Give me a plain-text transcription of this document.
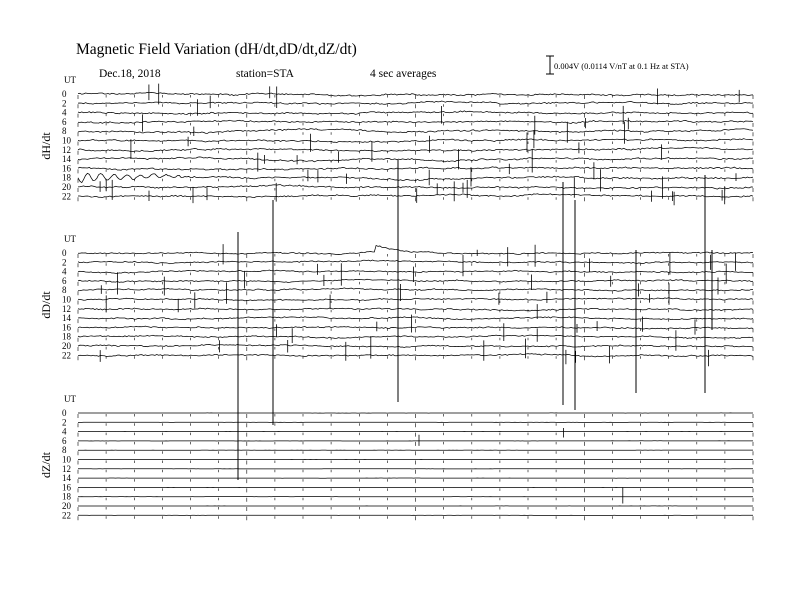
Magnetic Field Variation (dH/dt,dD/dt,dZ/dt)
Dec.18, 2018	station=STA	4 sec averages
0.004V (0.0114 V/nT at 0.1 Hz at STA)
UT
dH/dt
0
2
4
6
8
10
12
14
16
18
20
22
UT
dD/dt
0
2
4
6
8
10
12
14
16
18
20
22
UT
dZ/dt
0
2
4
6
8
10
12
14
16
18
20
22
